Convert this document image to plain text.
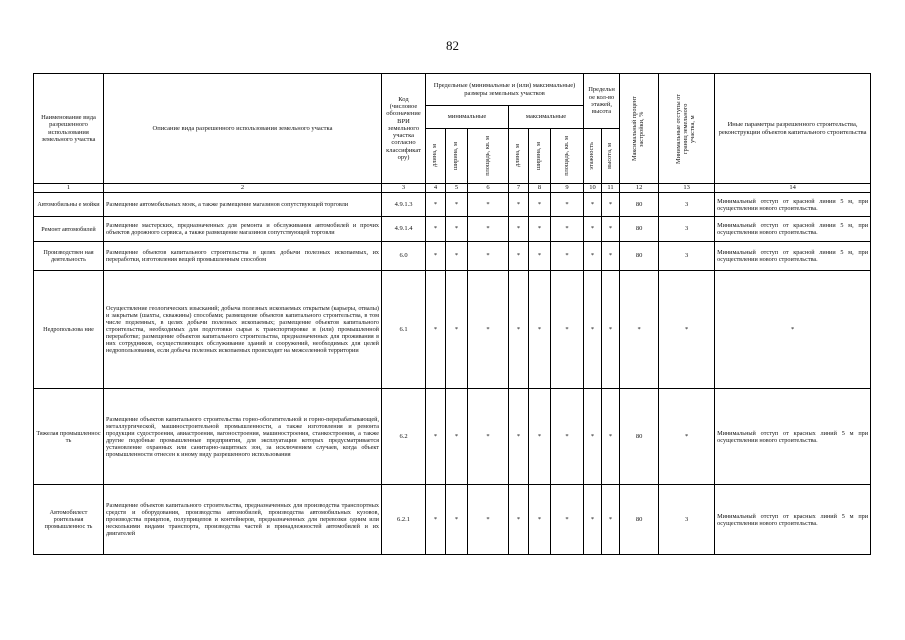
82
Наименование вида разрешенного использования земельного участка	Описание вида разрешенного использования земельного участка	Код (числовое обозначение ВРИ земельного участка согласно классификат ору)	Предельные (минимальные и (или) максимальные) размеры земельных участков						Предельн ое кол-во этажей, высота		Максимальный процент застройки, %	Минимальные отступы от границ земельного участка, м	Иные параметры разрешенного строительства, реконструкции объектов капитального строительства
			минимальные			максимальные							

			длина, м	ширина, м	площадь, кв. м	длина, м	ширина, м	площадь, кв. м	этажность	высота, м			

1	2	3	4	5	6	7	8	9	10	11	12	13	14
Автомобильны е мойки	Размещение автомобильных моек, а также размещение магазинов сопутствующей торговли	4.9.1.3	*	*	*	*	*	*	*	*	80	3	Минимальный отступ от красной линии 5 м, при осуществлении нового строительства.
Ремонт автомобилей	Размещение мастерских, предназначенных для ремонта и обслуживания автомобилей и прочих объектов дорожного сервиса, а также размещение магазинов сопутствующей торговли	4.9.1.4	*	*	*	*	*	*	*	*	80	3	Минимальный отступ от красной линии 5 м, при осуществлении нового строительства.
Производствен ная деятельность	Размещение объектов капитального строительства в целях добычи полезных ископаемых, их переработки, изготовления вещей промышленным способом	6.0	*	*	*	*	*	*	*	*	80	3	Минимальный отступ от красной линии 5 м, при осуществлении нового строительства.
Недропользова ние	Осуществление геологических изысканий; добыча полезных ископаемых открытым (карьеры, отвалы) и закрытым (шахты, скважины) способами; размещение объектов капитального строительства, в том числе подземных, в целях добычи полезных ископаемых; размещение объектов капитального строительства, необходимых для подготовки сырья к транспортировке и (или) промышленной переработке; размещение объектов капитального строительства, предназначенных для проживания в них сотрудников, осуществляющих обслуживание зданий и сооружений, необходимых для целей недропользования, если добыча полезных ископаемых происходит на межселенной территории	6.1	*	*	*	*	*	*	*	*	*	*	*
Тяжелая промышленнос ть	Размещение объектов капитального строительства горно-обогатительной и горно-перерабатывающей, металлургической, машиностроительной промышленности, а также изготовления и ремонта продукции судостроения, авиастроения, вагоностроения, машиностроения, станкостроения, а также другие подобные промышленные предприятия, для эксплуатации которых предусматривается установление охранных или санитарно-защитных зон, за исключением случаев, когда объект промышленности отнесен к иному виду разрешенного использования	6.2	*	*	*	*	*	*	*	*	80	*	Минимальный отступ от красных линий 5 м при осуществлении нового строительства.
Автомобилест роительная промышленнос ть	Размещение объектов капитального строительства, предназначенных для производства транспортных средств и оборудования, производства автомобилей, производства автомобильных кузовов, производства прицепов, полуприцепов и контейнеров, предназначенных для перевозки одним или несколькими видами транспорта, производства частей и принадлежностей автомобилей и их двигателей	6.2.1	*	*	*	*	*	*	*	*	80	3	Минимальный отступ от красных линий 5 м при осуществлении нового строительства.
